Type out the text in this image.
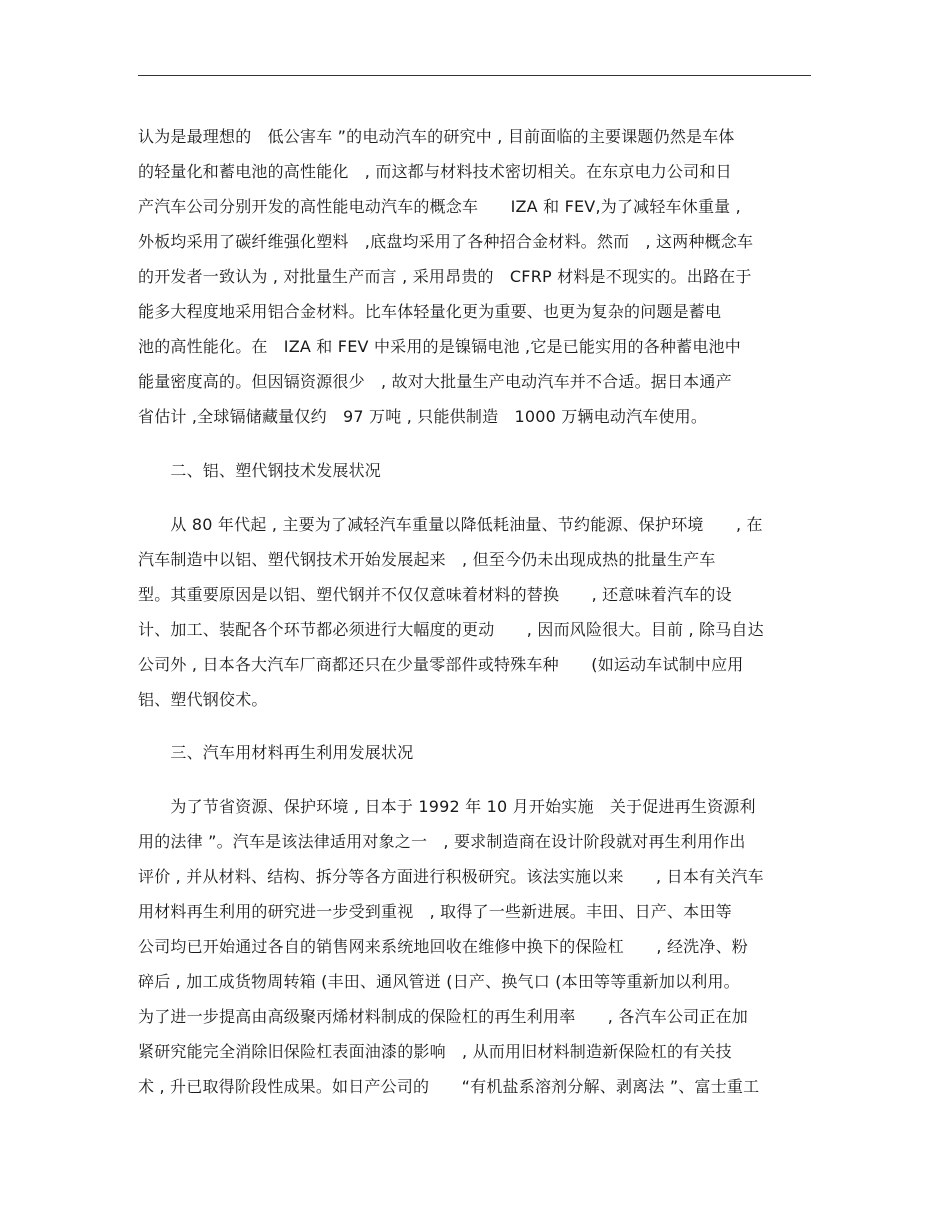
认为是最理想的　低公害车 ”的电动汽车的研究中 , 目前面临的主要课题仍然是车体
的轻量化和蓄电池的高性能化　, 而这都与材料技术密切相关。在东京电力公司和日
产汽车公司分别开发的高性能电动汽车的概念车　　IZA 和 FEV,为了减轻车休重量 ,
外板均采用了碳纤维强化塑料　,底盘均采用了各种招合金材料。然而　, 这两种概念车
的开发者一致认为 , 对批量生产而言 , 采用昂贵的　CFRP 材料是不现实的。出路在于
能多大程度地采用铝合金材料。比车体轻量化更为重要、也更为复杂的问题是蓄电
池的高性能化。在　IZA 和 FEV 中采用的是镍镉电池 ,它是已能实用的各种蓄电池中
能量密度高的。但因镉资源很少　, 故对大批量生产电动汽车并不合适。据日本通产
省估计 ,全球镉储藏量仅约　97 万吨 , 只能供制造　1000 万辆电动汽车使用。
　　二、铝、塑代钢技术发展状况
　　从 80 年代起 , 主要为了减轻汽车重量以降低耗油量、节约能源、保护环境　　, 在
汽车制造中以铝、塑代钢技术开始发展起来　, 但至今仍未出现成热的批量生产车
型。其重要原因是以铝、塑代钢并不仅仅意味着材料的替换　　, 还意味着汽车的设
计、加工、装配各个环节都必须进行大幅度的更动　　, 因而风险很大。目前 , 除马自达
公司外 , 日本各大汽车厂商都还只在少量零部件或特殊车种　　(如运动车试制中应用
铝、塑代钢佼术。
　　三、汽车用材料再生利用发展状况
　　为了节省资源、保护环境 , 日本于 1992 年 10 月开始实施　关于促进再生资源利
用的法律 ”。汽车是该法律适用对象之一　, 要求制造商在设计阶段就对再生利用作出
评价 , 并从材料、结构、拆分等各方面进行积极研究。该法实施以来　　, 日本有关汽车
用材料再生利用的研究进一步受到重视　, 取得了一些新进展。丰田、日产、本田等
公司均已开始通过各自的销售网来系统地回收在维修中换下的保险杠　　, 经洗净、粉
碎后 , 加工成货物周转箱 (丰田、通风管迸 (日产、换气口 (本田等等重新加以利用。
为了进一步提高由高级聚丙烯材料制成的保险杠的再生利用率　　, 各汽车公司正在加
紧研究能完全消除旧保险杠表面油漆的影响　, 从而用旧材料制造新保险杠的有关技
术 , 升已取得阶段性成果。如日产公司的　　“有机盐系溶剂分解、剥离法 ”、富士重工
